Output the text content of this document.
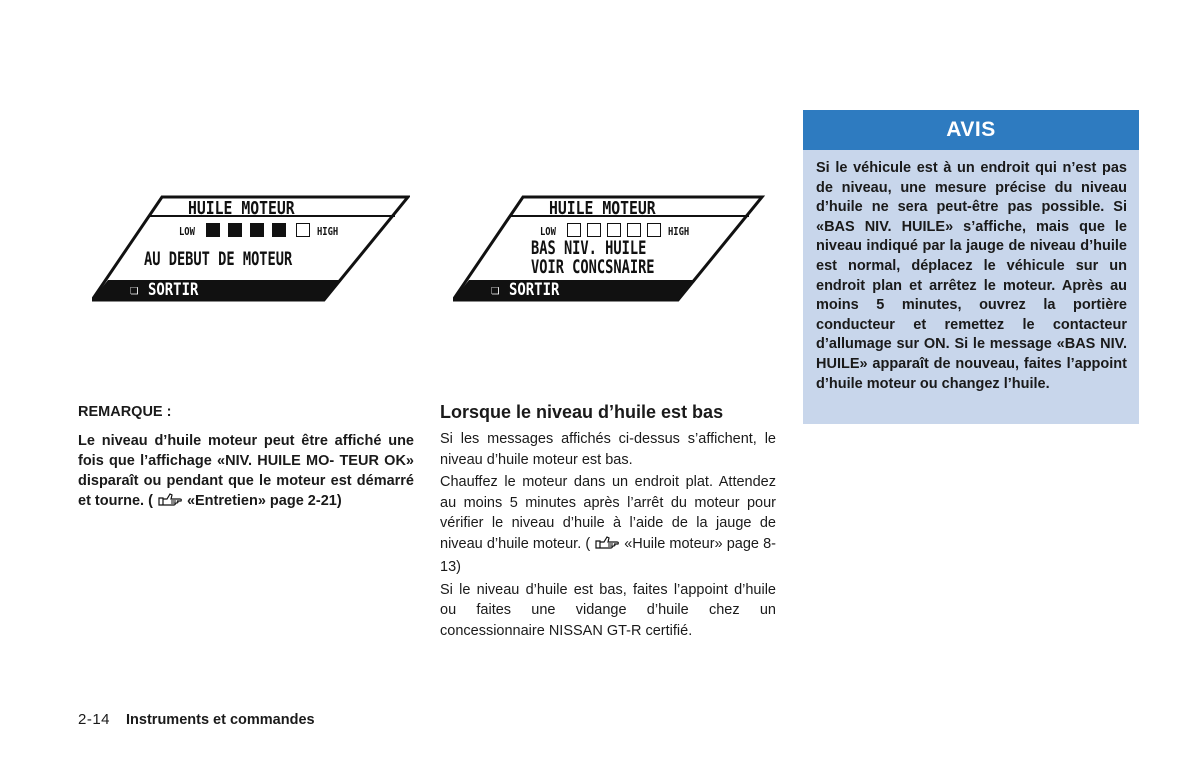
HUILE MOTEUR
LOW	HIGH
AU DEBUT DE MOTEUR
❏ SORTIR
HUILE MOTEUR
LOW	HIGH
BAS NIV. HUILE
VOIR CONCSNAIRE
❏ SORTIR
REMARQUE :
Le niveau d’huile moteur peut être affiché une fois que l’affichage «NIV. HUILE MO- TEUR OK» disparaît ou pendant que le moteur est démarré et tourne. ( «Entretien» page 2-21)
Lorsque le niveau d’huile est bas

Si les messages affichés ci-dessus s’affichent, le niveau d’huile moteur est bas.

Chauffez le moteur dans un endroit plat. Attendez au moins 5 minutes après l’arrêt du moteur pour vérifier le niveau d’huile à l’aide de la jauge de niveau d’huile moteur. ( «Huile moteur» page 8-13)

Si le niveau d’huile est bas, faites l’appoint d’huile ou faites une vidange d’huile chez un concessionnaire NISSAN GT-R certifié.

AVIS
Si le véhicule est à un endroit qui n’est pas de niveau, une mesure précise du niveau d’huile ne sera peut-être pas possible. Si «BAS NIV. HUILE» s’affiche, mais que le niveau indiqué par la jauge de niveau d’huile est normal, déplacez le véhicule sur un endroit plan et arrêtez le moteur. Après au moins 5 minutes, ouvrez la portière conducteur et remettez le contacteur d’allumage sur ON. Si le message «BAS NIV. HUILE» apparaît de nouveau, faites l’appoint d’huile moteur ou changez l’huile.
2-14 Instruments et commandes
